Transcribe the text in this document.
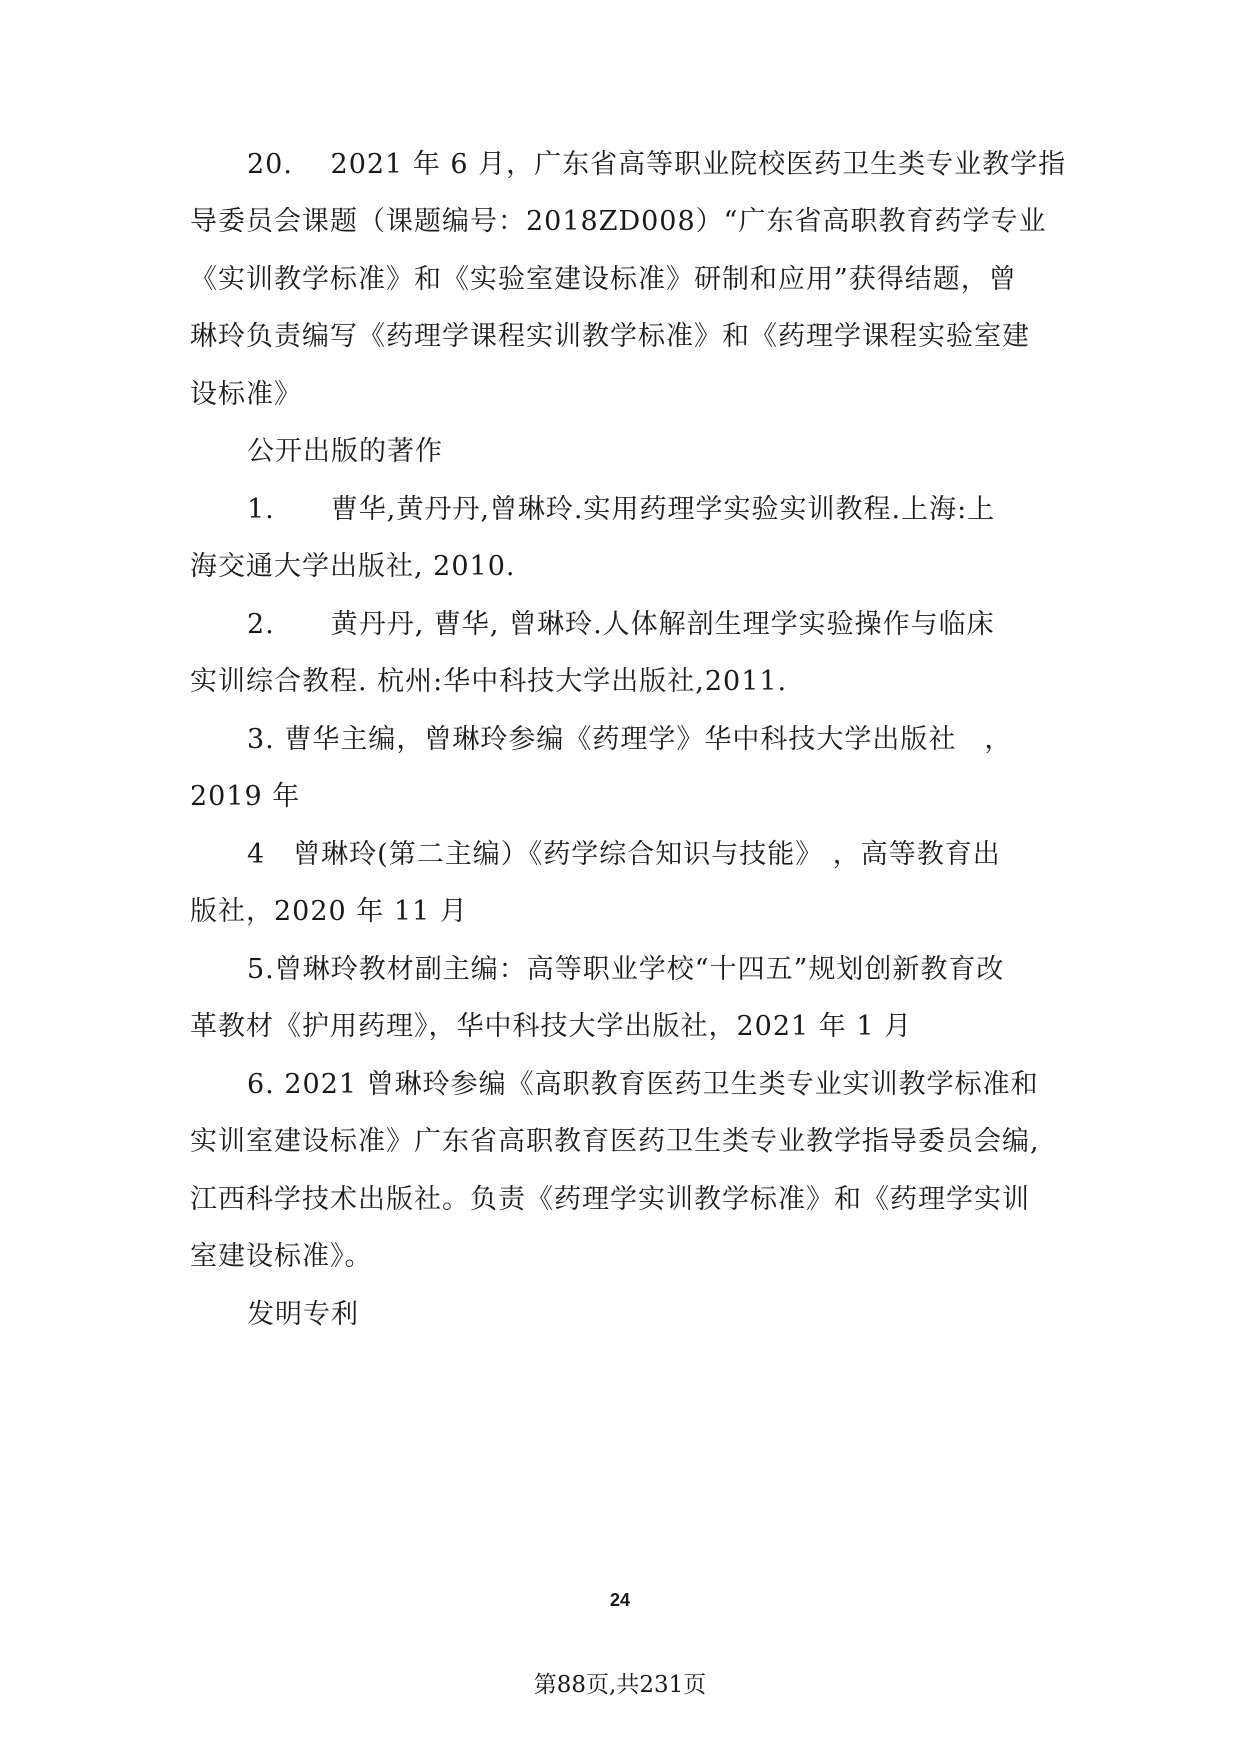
20.　 2021 年 6 月，广东省高等职业院校医药卫生类专业教学指
导委员会课题（课题编号：2018ZD008）“广东省高职教育药学专业
《实训教学标准》和《实验室建设标准》研制和应用”获得结题，曾
琳玲负责编写《药理学课程实训教学标准》和《药理学课程实验室建
设标准》
公开出版的著作
1.　　曹华,黄丹丹,曾琳玲.实用药理学实验实训教程.上海:上
海交通大学出版社, 2010.
2.　　黄丹丹, 曹华, 曾琳玲.人体解剖生理学实验操作与临床
实训综合教程. 杭州:华中科技大学出版社,2011.
3. 曹华主编，曾琳玲参编《药理学》华中科技大学出版社　，
2019 年
4　曾琳玲(第二主编）《药学综合知识与技能》 ，高等教育出
版社，2020 年 11 月
5.曾琳玲教材副主编：高等职业学校“十四五”规划创新教育改
革教材《护用药理》，华中科技大学出版社，2021 年 1 月
6. 2021 曾琳玲参编《高职教育医药卫生类专业实训教学标准和
实训室建设标准》广东省高职教育医药卫生类专业教学指导委员会编,
江西科学技术出版社。负责《药理学实训教学标准》和《药理学实训
室建设标准》。
发明专利
24
第88页,共231页
